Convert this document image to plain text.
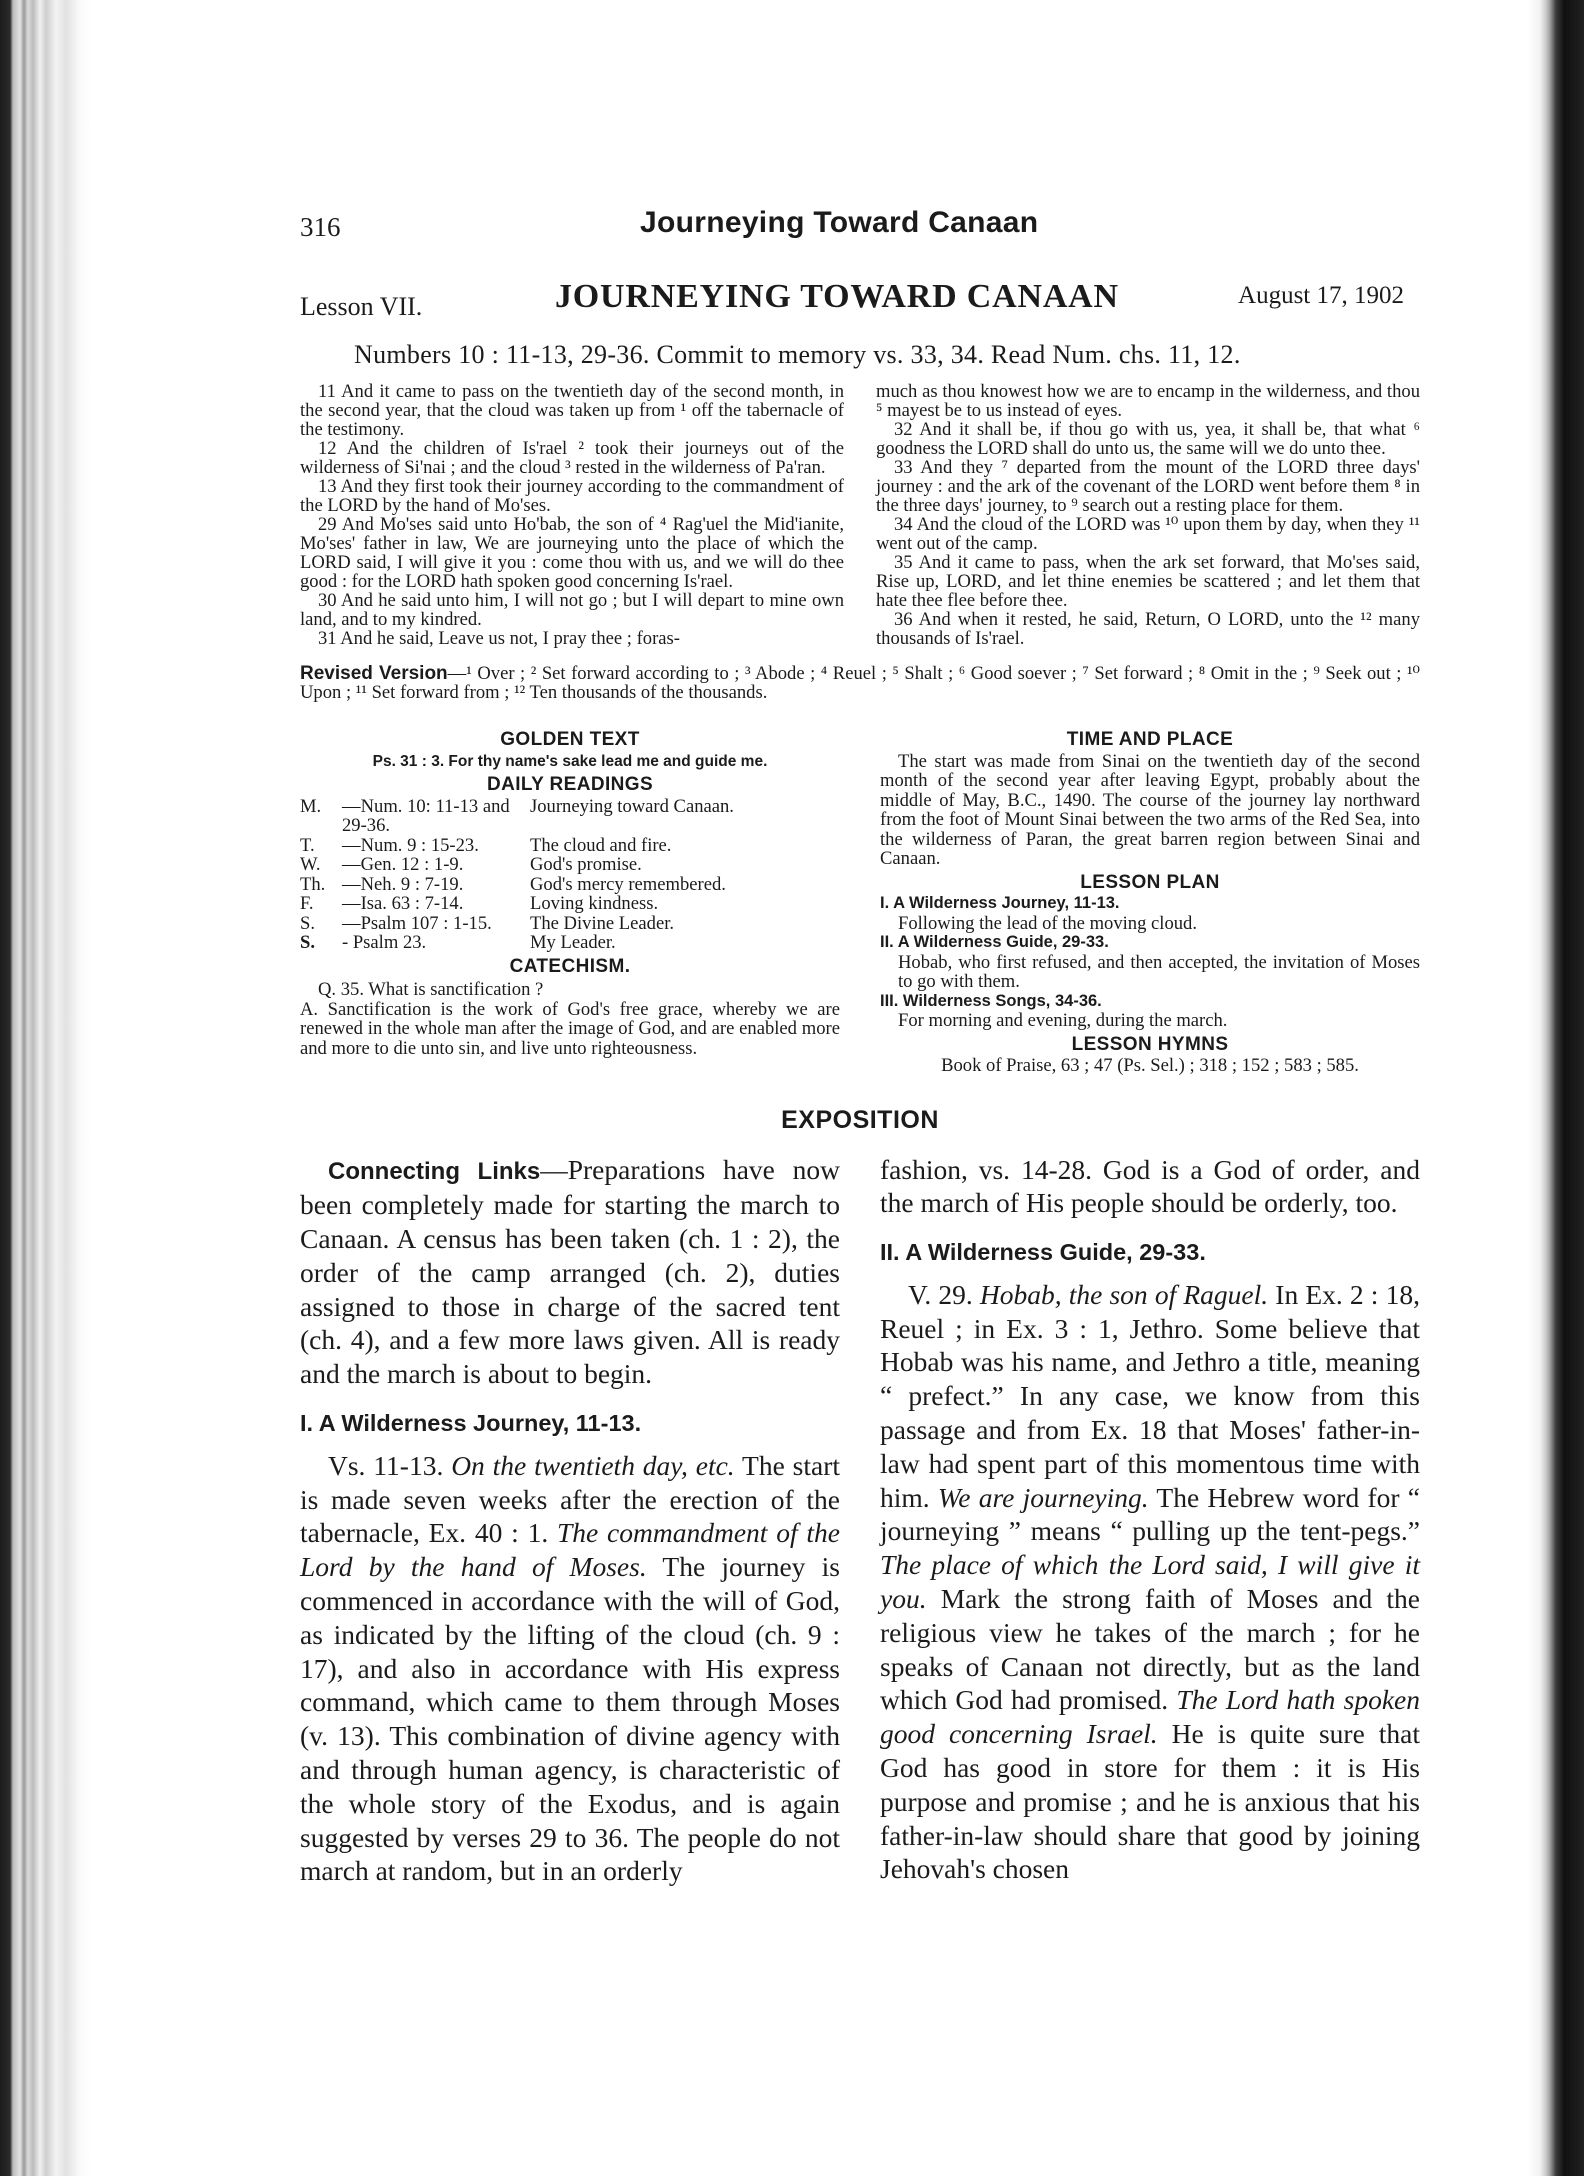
316	Journeying Toward Canaan
Lesson VII.	JOURNEYING TOWARD CANAAN	August 17, 1902
Numbers 10 : 11-13, 29-36. Commit to memory vs. 33, 34. Read Num. chs. 11, 12.

11 And it came to pass on the twentieth day of the second month, in the second year, that the cloud was taken up from ¹ off the tabernacle of the testimony.

12 And the children of Is'rael ² took their journeys out of the wilderness of Si'nai ; and the cloud ³ rested in the wilderness of Pa'ran.

13 And they first took their journey according to the commandment of the LORD by the hand of Mo'ses.

29 And Mo'ses said unto Ho'bab, the son of ⁴ Rag'uel the Mid'ianite, Mo'ses' father in law, We are journeying unto the place of which the LORD said, I will give it you : come thou with us, and we will do thee good : for the LORD hath spoken good concerning Is'rael.

30 And he said unto him, I will not go ; but I will depart to mine own land, and to my kindred.

31 And he said, Leave us not, I pray thee ; foras-

much as thou knowest how we are to encamp in the wilderness, and thou ⁵ mayest be to us instead of eyes.

32 And it shall be, if thou go with us, yea, it shall be, that what ⁶ goodness the LORD shall do unto us, the same will we do unto thee.

33 And they ⁷ departed from the mount of the LORD three days' journey : and the ark of the covenant of the LORD went before them ⁸ in the three days' journey, to ⁹ search out a resting place for them.

34 And the cloud of the LORD was ¹⁰ upon them by day, when they ¹¹ went out of the camp.

35 And it came to pass, when the ark set forward, that Mo'ses said, Rise up, LORD, and let thine enemies be scattered ; and let them that hate thee flee before thee.

36 And when it rested, he said, Return, O LORD, unto the ¹² many thousands of Is'rael.

Revised Version—¹ Over ; ² Set forward according to ; ³ Abode ; ⁴ Reuel ; ⁵ Shalt ; ⁶ Good soever ; ⁷ Set forward ; ⁸ Omit in the ; ⁹ Seek out ; ¹⁰ Upon ; ¹¹ Set forward from ; ¹² Ten thousands of the thousands.
GOLDEN TEXT
Ps. 31 : 3. For thy name's sake lead me and guide me.
DAILY READINGS
M.	—Num. 10: 11-13 and 29-36.	Journeying toward Canaan.
T.	—Num. 9 : 15-23.	The cloud and fire.
W.	—Gen. 12 : 1-9.	God's promise.
Th.	—Neh. 9 : 7-19.	God's mercy remembered.
F.	—Isa. 63 : 7-14.	Loving kindness.
S.	—Psalm 107 : 1-15.	The Divine Leader.
S.	- Psalm 23.	My Leader.
CATECHISM.
Q. 35. What is sanctification ?
A. Sanctification is the work of God's free grace, whereby we are renewed in the whole man after the image of God, and are enabled more and more to die unto sin, and live unto righteousness.
TIME AND PLACE
The start was made from Sinai on the twentieth day of the second month of the second year after leaving Egypt, probably about the middle of May, B.C., 1490. The course of the journey lay northward from the foot of Mount Sinai between the two arms of the Red Sea, into the wilderness of Paran, the great barren region between Sinai and Canaan.
LESSON PLAN
I. A Wilderness Journey, 11-13.
Following the lead of the moving cloud.
II. A Wilderness Guide, 29-33.
Hobab, who first refused, and then accepted, the invitation of Moses to go with them.
III. Wilderness Songs, 34-36.
For morning and evening, during the march.
LESSON HYMNS
Book of Praise, 63 ; 47 (Ps. Sel.) ; 318 ; 152 ; 583 ; 585.
EXPOSITION

Connecting Links—Preparations have now been completely made for starting the march to Canaan. A census has been taken (ch. 1 : 2), the order of the camp arranged (ch. 2), duties assigned to those in charge of the sacred tent (ch. 4), and a few more laws given. All is ready and the march is about to begin.

I. A Wilderness Journey, 11-13.

Vs. 11-13. On the twentieth day, etc. The start is made seven weeks after the erection of the tabernacle, Ex. 40 : 1. The commandment of the Lord by the hand of Moses. The journey is commenced in accordance with the will of God, as indicated by the lifting of the cloud (ch. 9 : 17), and also in accordance with His express command, which came to them through Moses (v. 13). This combination of divine agency with and through human agency, is characteristic of the whole story of the Exodus, and is again suggested by verses 29 to 36. The people do not march at random, but in an orderly

fashion, vs. 14-28. God is a God of order, and the march of His people should be orderly, too.

II. A Wilderness Guide, 29-33.

V. 29. Hobab, the son of Raguel. In Ex. 2 : 18, Reuel ; in Ex. 3 : 1, Jethro. Some believe that Hobab was his name, and Jethro a title, meaning “ prefect.” In any case, we know from this passage and from Ex. 18 that Moses' father-in-law had spent part of this momentous time with him. We are journeying. The Hebrew word for “ journeying ” means “ pulling up the tent-pegs.” The place of which the Lord said, I will give it you. Mark the strong faith of Moses and the religious view he takes of the march ; for he speaks of Canaan not directly, but as the land which God had promised. The Lord hath spoken good concerning Israel. He is quite sure that God has good in store for them : it is His purpose and promise ; and he is anxious that his father-in-law should share that good by joining Jehovah's chosen
